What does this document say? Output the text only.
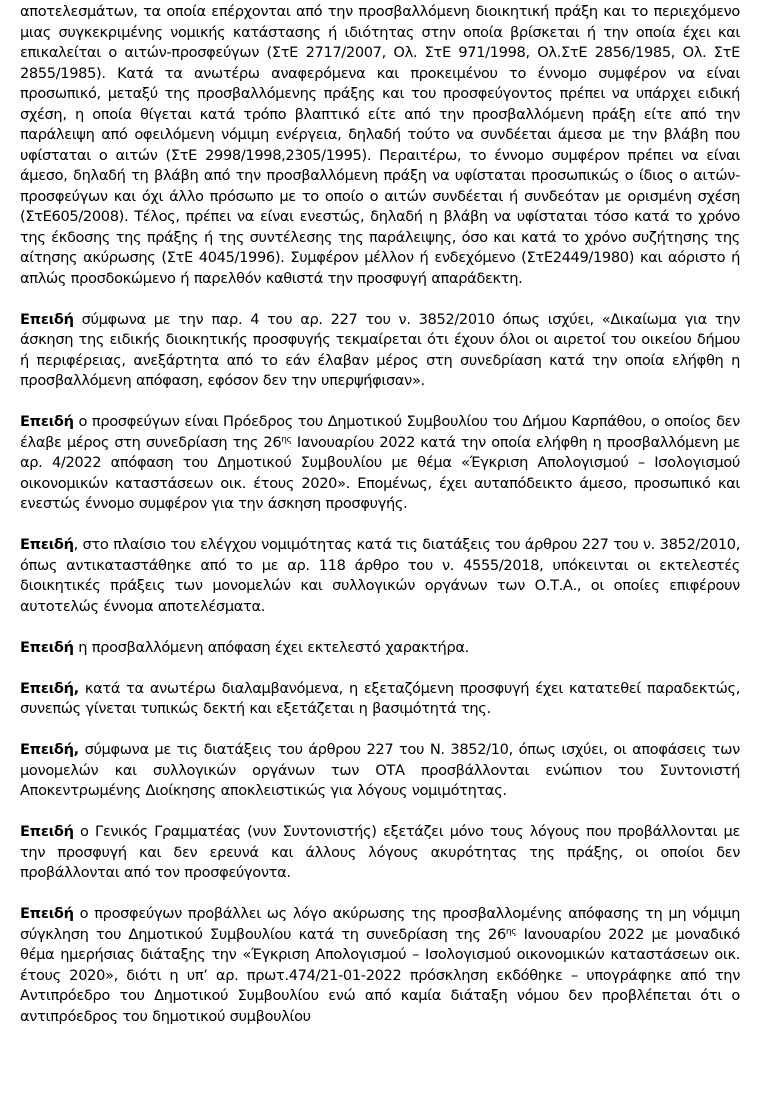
αποτελεσμάτων, τα οποία επέρχονται από την προσβαλλόμενη διοικητική πράξη και το περιεχόμενο μιας συγκεκριμένης νομικής κατάστασης ή ιδιότητας στην οποία βρίσκεται ή την οποία έχει και επικαλείται ο αιτών-προσφεύγων (ΣτΕ 2717/2007, Ολ. ΣτΕ 971/1998, Ολ.ΣτΕ 2856/1985, Ολ. ΣτΕ 2855/1985). Κατά τα ανωτέρω αναφερόμενα και προκειμένου το έννομο συμφέρον να είναι προσωπικό, μεταξύ της προσβαλλόμενης πράξης και του προσφεύγοντος πρέπει να υπάρχει ειδική σχέση, η οποία θίγεται κατά τρόπο βλαπτικό είτε από την προσβαλλόμενη πράξη είτε από την παράλειψη από οφειλόμενη νόμιμη ενέργεια, δηλαδή τούτο να συνδέεται άμεσα με την βλάβη που υφίσταται ο αιτών (ΣτΕ 2998/1998,2305/1995). Περαιτέρω, το έννομο συμφέρον πρέπει να είναι άμεσο, δηλαδή τη βλάβη από την προσβαλλόμενη πράξη να υφίσταται προσωπικώς ο ίδιος ο αιτών-προσφεύγων και όχι άλλο πρόσωπο με το οποίο ο αιτών συνδέεται ή συνδεόταν με ορισμένη σχέση (ΣτΕ605/2008). Τέλος, πρέπει να είναι ενεστώς, δηλαδή η βλάβη να υφίσταται τόσο κατά το χρόνο της έκδοσης της πράξης ή της συντέλεσης της παράλειψης, όσο και κατά το χρόνο συζήτησης της αίτησης ακύρωσης (ΣτΕ 4045/1996). Συμφέρον μέλλον ή ενδεχόμενο (ΣτΕ2449/1980) και αόριστο ή απλώς προσδοκώμενο ή παρελθόν καθιστά την προσφυγή απαράδεκτη.

Επειδή σύμφωνα με την παρ. 4 του αρ. 227 του ν. 3852/2010 όπως ισχύει, «Δικαίωμα για την άσκηση της ειδικής διοικητικής προσφυγής τεκμαίρεται ότι έχουν όλοι οι αιρετοί του οικείου δήμου ή περιφέρειας, ανεξάρτητα από το εάν έλαβαν μέρος στη συνεδρίαση κατά την οποία ελήφθη η προσβαλλόμενη απόφαση, εφόσον δεν την υπερψήφισαν».

Επειδή ο προσφεύγων είναι Πρόεδρος του Δημοτικού Συμβουλίου του Δήμου Καρπάθου, ο οποίος δεν έλαβε μέρος στη συνεδρίαση της $26^{\eta\varsigma}$ Ιανουαρίου 2022 κατά την οποία ελήφθη η προσβαλλόμενη με αρ. 4/2022 απόφαση του Δημοτικού Συμβουλίου με θέμα «Έγκριση Απολογισμού – Ισολογισμού οικονομικών καταστάσεων οικ. έτους 2020». Επομένως, έχει αυταπόδεικτο άμεσο, προσωπικό και ενεστώς έννομο συμφέρον για την άσκηση προσφυγής.

Επειδή, στο πλαίσιο του ελέγχου νομιμότητας κατά τις διατάξεις του άρθρου 227 του ν. 3852/2010, όπως αντικαταστάθηκε από το με αρ. 118 άρθρο του ν. 4555/2018, υπόκεινται οι εκτελεστές διοικητικές πράξεις των μονομελών και συλλογικών οργάνων των Ο.Τ.Α., οι οποίες επιφέρουν αυτοτελώς έννομα αποτελέσματα.

Επειδή η προσβαλλόμενη απόφαση έχει εκτελεστό χαρακτήρα.

Επειδή, κατά τα ανωτέρω διαλαμβανόμενα, η εξεταζόμενη προσφυγή έχει κατατεθεί παραδεκτώς, συνεπώς γίνεται τυπικώς δεκτή και εξετάζεται η βασιμότητά της.

Επειδή, σύμφωνα με τις διατάξεις του άρθρου 227 του Ν. 3852/10, όπως ισχύει, οι αποφάσεις των μονομελών και συλλογικών οργάνων των ΟΤΑ προσβάλλονται ενώπιον του Συντονιστή Αποκεντρωμένης Διοίκησης αποκλειστικώς για λόγους νομιμότητας.

Επειδή ο Γενικός Γραμματέας (νυν Συντονιστής) εξετάζει μόνο τους λόγους που προβάλλονται με την προσφυγή και δεν ερευνά και άλλους λόγους ακυρότητας της πράξης, οι οποίοι δεν προβάλλονται από τον προσφεύγοντα.

Επειδή ο προσφεύγων προβάλλει ως λόγο ακύρωσης της προσβαλλομένης απόφασης τη μη νόμιμη σύγκληση του Δημοτικού Συμβουλίου κατά τη συνεδρίαση της $26^{\eta\varsigma}$ Ιανουαρίου 2022 με μοναδικό θέμα ημερήσιας διάταξης την «Έγκριση Απολογισμού – Ισολογισμού οικονομικών καταστάσεων οικ. έτους 2020», διότι η υπ’ αρ. πρωτ.474/21-01-2022 πρόσκληση εκδόθηκε – υπογράφηκε από την Αντιπρόεδρο του Δημοτικού Συμβουλίου ενώ από καμία διάταξη νόμου δεν προβλέπεται ότι ο αντιπρόεδρος του δημοτικού συμβουλίου
